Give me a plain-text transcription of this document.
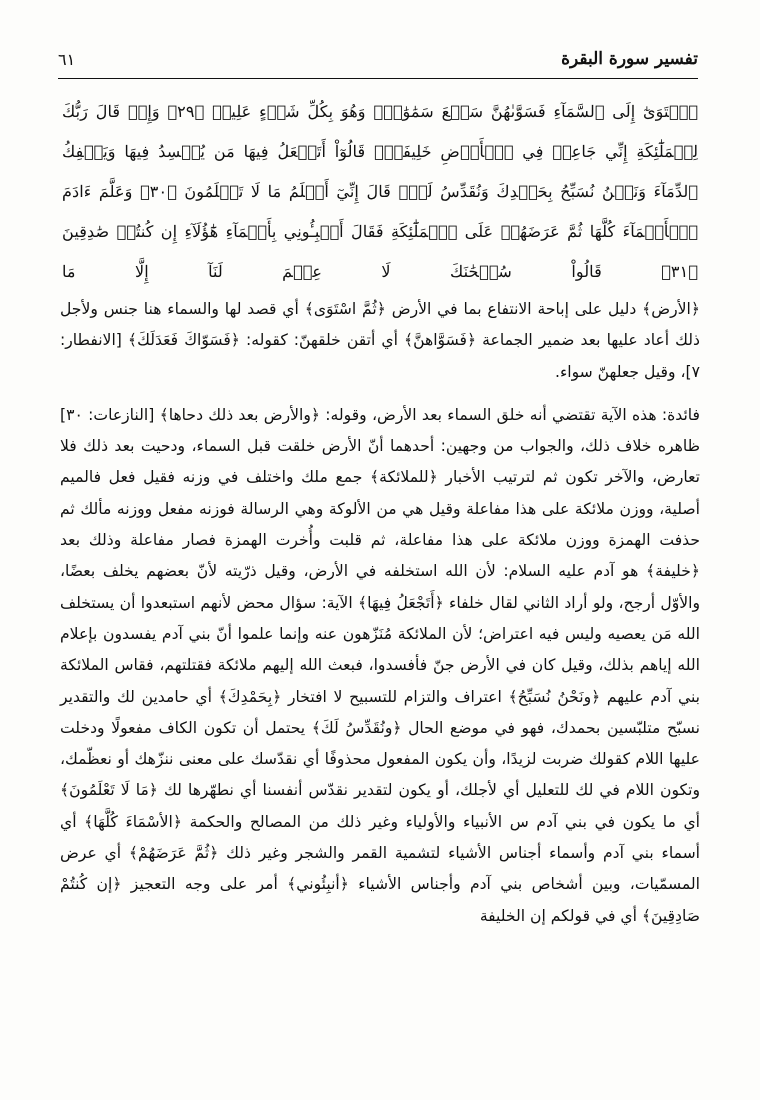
تفسير سورة البقرة
٦١
ٱسۡتَوَىٰٓ إِلَى ٱلسَّمَآءِ فَسَوَّىٰهُنَّ سَبۡعَ سَمَٰوَٰتٖۚ وَهُوَ بِكُلِّ شَيۡءٍ عَلِيمٞ ﴿٢٩﴾ وَإِذۡ قَالَ رَبُّكَ لِلۡمَلَٰٓئِكَةِ إِنِّي جَاعِلٞ فِي ٱلۡأَرۡضِ خَلِيفَةٗۖ قَالُوٓاْ أَتَجۡعَلُ فِيهَا مَن يُفۡسِدُ فِيهَا وَيَسۡفِكُ ٱلدِّمَآءَ وَنَحۡنُ نُسَبِّحُ بِحَمۡدِكَ وَنُقَدِّسُ لَكَۖ قَالَ إِنِّيٓ أَعۡلَمُ مَا لَا تَعۡلَمُونَ ﴿٣٠﴾ وَعَلَّمَ ءَادَمَ ٱلۡأَسۡمَآءَ كُلَّهَا ثُمَّ عَرَضَهُمۡ عَلَى ٱلۡمَلَٰٓئِكَةِ فَقَالَ أَنۢبِـُٔونِي بِأَسۡمَآءِ هَٰٓؤُلَآءِ إِن كُنتُمۡ صَٰدِقِينَ ﴿٣١﴾ قَالُواْ سُبۡحَٰنَكَ لَا عِلۡمَ لَنَآ إِلَّا مَا

﴿الأرض﴾ دليل على إباحة الانتفاع بما في الأرض ﴿ثُمَّ اسْتَوَى﴾ أي قصد لها والسماء هنا جنس ولأجل ذلك أعاد عليها بعد ضمير الجماعة ﴿فَسَوَّاهنَّ﴾ أي أتقن خلقهنّ: كقوله: ﴿فَسَوّاكَ فَعَدَلَكَ﴾ [الانفطار: ٧]، وقيل جعلهنّ سواء.

فائدة: هذه الآية تقتضي أنه خلق السماء بعد الأرض، وقوله: ﴿والأرض بعد ذلك دحاها﴾ [النازعات: ٣٠] ظاهره خلاف ذلك، والجواب من وجهين: أحدهما أنّ الأرض خلقت قبل السماء، ودحيت بعد ذلك فلا تعارض، والآخر تكون ثم لترتيب الأخبار ﴿للملائكة﴾ جمع ملك واختلف في وزنه فقيل فعل فالميم أصلية، ووزن ملائكة على هذا مفاعلة وقيل هي من الألوكة وهي الرسالة فوزنه مفعل ووزنه مألك ثم حذفت الهمزة ووزن ملائكة على هذا مفاعلة، ثم قلبت وأُخرت الهمزة فصار مفاعلة وذلك بعد ﴿خليفة﴾ هو آدم عليه السلام: لأن الله استخلفه في الأرض، وقيل ذرّيته لأنّ بعضهم يخلف بعضًا، والأوّل أرجح، ولو أراد الثاني لقال خلفاء ﴿أَتَجْعَلُ فِيهَا﴾ الآية: سؤال محض لأنهم استبعدوا أن يستخلف الله مَن يعصيه وليس فيه اعتراض؛ لأن الملائكة مُنَزّهون عنه وإنما علموا أنّ بني آدم يفسدون بإعلام الله إياهم بذلك، وقيل كان في الأرض جنّ فأفسدوا، فبعث الله إليهم ملائكة فقتلتهم، فقاس الملائكة بني آدم عليهم ﴿ونَحْنُ نُسَبِّحُ﴾ اعتراف والتزام للتسبيح لا افتخار ﴿بِحَمْدِكَ﴾ أي حامدين لك والتقدير نسبّح متلبّسين بحمدك، فهو في موضع الحال ﴿ونُقَدِّسُ لَكَ﴾ يحتمل أن تكون الكاف مفعولًا ودخلت عليها اللام كقولك ضربت لزيدًا، وأن يكون المفعول محذوفًا أي نقدّسك على معنى ننزّهك أو نعظّمك، وتكون اللام في لك للتعليل أي لأجلك، أو يكون لتقدير نقدّس أنفسنا أي نطهّرها لك ﴿مَا لَا تَعْلَمُونَ﴾ أي ما يكون في بني آدم س الأنبياء والأولياء وغير ذلك من المصالح والحكمة ﴿الأسْمَاءَ كُلَّهَا﴾ أي أسماء بني آدم وأسماء أجناس الأشياء لتشمية القمر والشجر وغير ذلك ﴿ثُمَّ عَرَضَهُمْ﴾ أي عرض المسمّيات، وبين أشخاص بني آدم وأجناس الأشياء ﴿أنبِئُوني﴾ أمر على وجه التعجيز ﴿إن كُنتُمْ صَادِقِينَ﴾ أي في قولكم إن الخليفة
